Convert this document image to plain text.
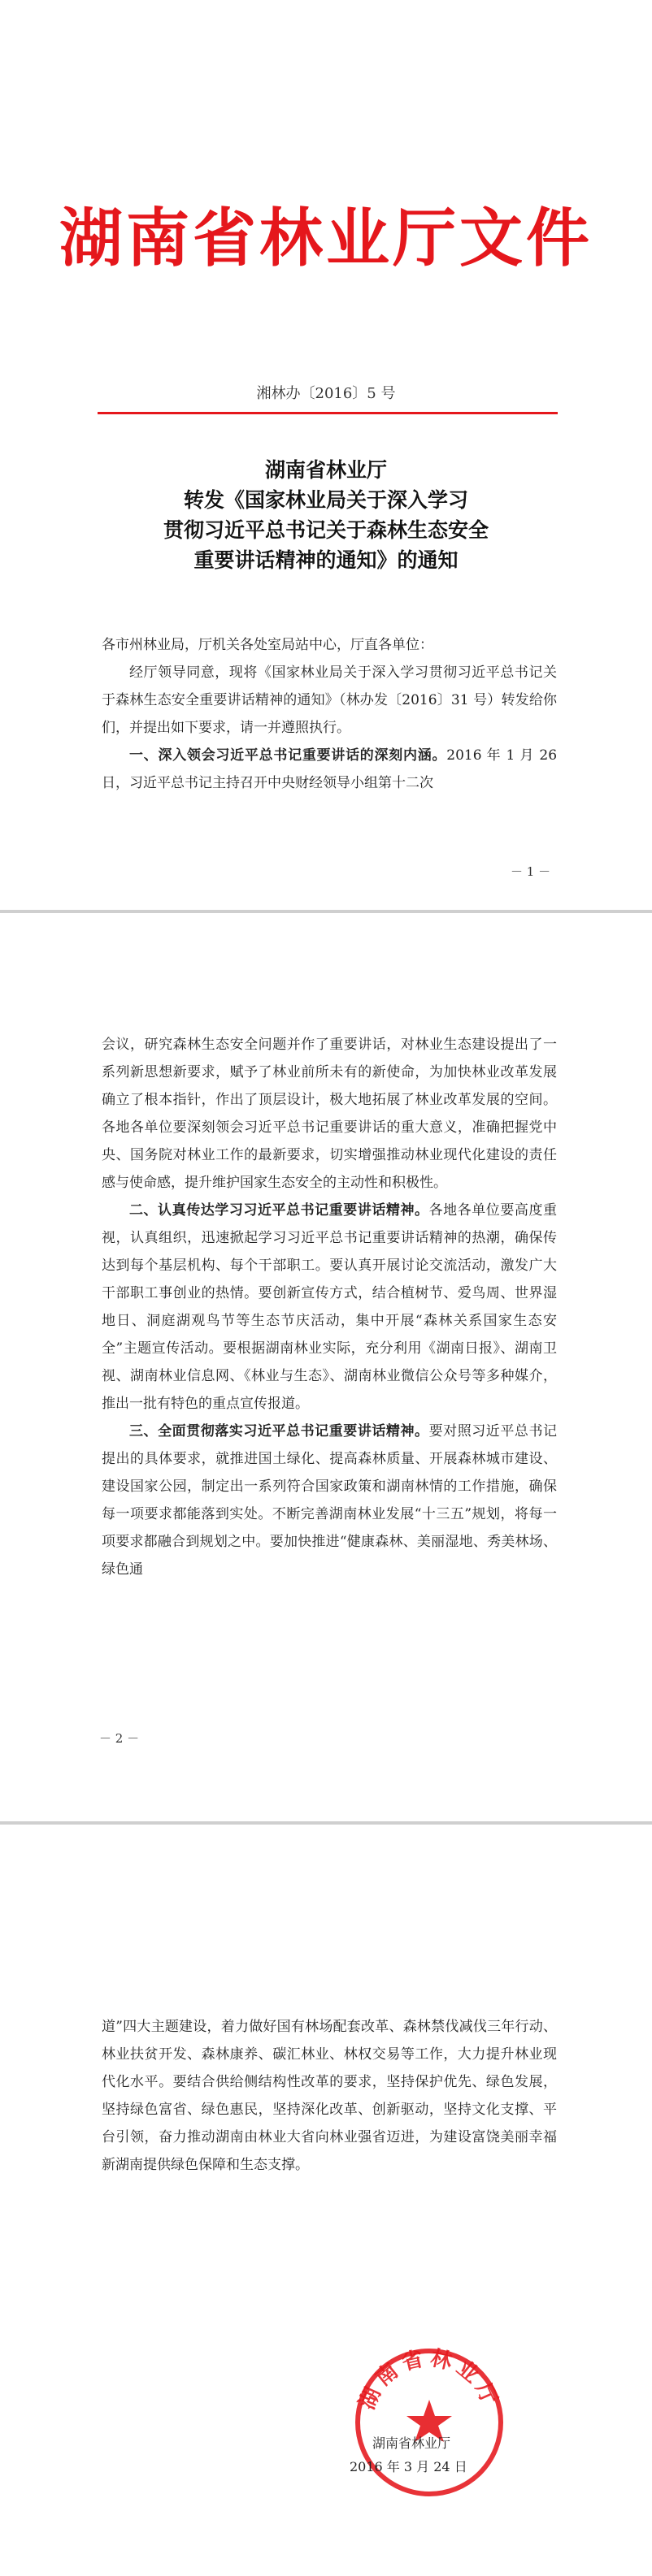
湖南省林业厅文件
湘林办〔2016〕5 号
湖南省林业厅
转发《国家林业局关于深入学习
贯彻习近平总书记关于森林生态安全
重要讲话精神的通知》的通知

各市州林业局，厅机关各处室局站中心，厅直各单位：

经厅领导同意，现将《国家林业局关于深入学习贯彻习近平总书记关于森林生态安全重要讲话精神的通知》（林办发〔2016〕31 号）转发给你们，并提出如下要求，请一并遵照执行。

一、深入领会习近平总书记重要讲话的深刻内涵。2016 年 1 月 26 日，习近平总书记主持召开中央财经领导小组第十二次

－ 1 －

会议，研究森林生态安全问题并作了重要讲话，对林业生态建设提出了一系列新思想新要求，赋予了林业前所未有的新使命，为加快林业改革发展确立了根本指针，作出了顶层设计，极大地拓展了林业改革发展的空间。各地各单位要深刻领会习近平总书记重要讲话的重大意义，准确把握党中央、国务院对林业工作的最新要求，切实增强推动林业现代化建设的责任感与使命感，提升维护国家生态安全的主动性和积极性。

二、认真传达学习习近平总书记重要讲话精神。各地各单位要高度重视，认真组织，迅速掀起学习习近平总书记重要讲话精神的热潮，确保传达到每个基层机构、每个干部职工。要认真开展讨论交流活动，激发广大干部职工事创业的热情。要创新宣传方式，结合植树节、爱鸟周、世界湿地日、洞庭湖观鸟节等生态节庆活动，集中开展“森林关系国家生态安全”主题宣传活动。要根据湖南林业实际，充分利用《湖南日报》、湖南卫视、湖南林业信息网、《林业与生态》、湖南林业微信公众号等多种媒介，推出一批有特色的重点宣传报道。

三、全面贯彻落实习近平总书记重要讲话精神。要对照习近平总书记提出的具体要求，就推进国土绿化、提高森林质量、开展森林城市建设、建设国家公园，制定出一系列符合国家政策和湖南林情的工作措施，确保每一项要求都能落到实处。不断完善湖南林业发展“十三五”规划，将每一项要求都融合到规划之中。要加快推进“健康森林、美丽湿地、秀美林场、绿色通

－ 2 －

道”四大主题建设，着力做好国有林场配套改革、森林禁伐减伐三年行动、林业扶贫开发、森林康养、碳汇林业、林权交易等工作，大力提升林业现代化水平。要结合供给侧结构性改革的要求，坚持保护优先、绿色发展，坚持绿色富省、绿色惠民，坚持深化改革、创新驱动，坚持文化支撑、平台引领，奋力推动湖南由林业大省向林业强省迈进，为建设富饶美丽幸福新湖南提供绿色保障和生态支撑。

湖南省林业厅
湖南省林业厅
2016 年 3 月 24 日
